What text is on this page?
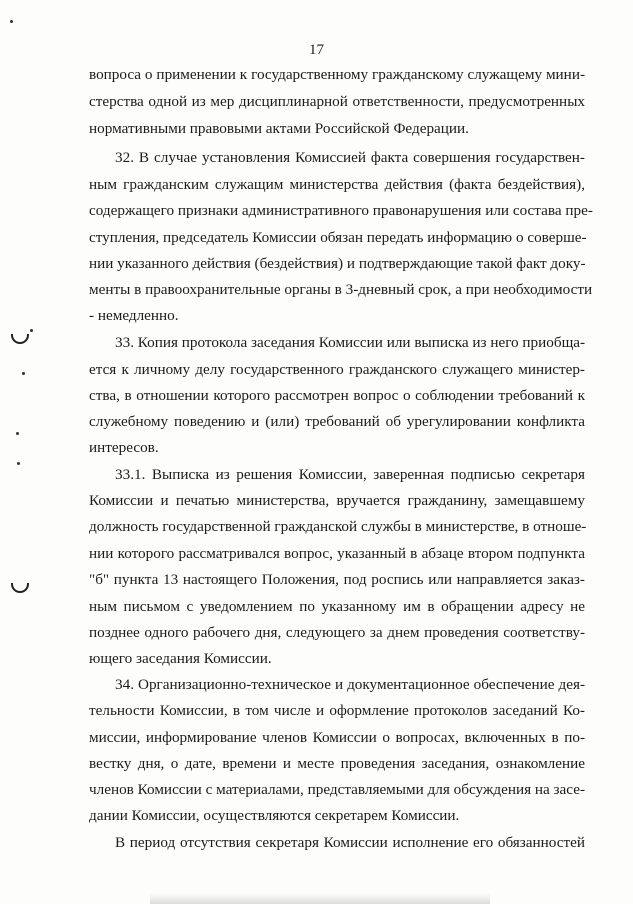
17
вопроса о применении к государственному гражданскому служащему мини-
стерства одной из мер дисциплинарной ответственности, предусмотренных
нормативными правовыми актами Российской Федерации.
32. В случае установления Комиссией факта совершения государствен-
ным гражданским служащим министерства действия (факта бездействия),
содержащего признаки административного правонарушения или состава пре-
ступления, председатель Комиссии обязан передать информацию о соверше-
нии указанного действия (бездействия) и подтверждающие такой факт доку-
менты в правоохранительные органы в 3-дневный срок, а при необходимости
- немедленно.
33. Копия протокола заседания Комиссии или выписка из него приобща-
ется к личному делу государственного гражданского служащего министер-
ства, в отношении которого рассмотрен вопрос о соблюдении требований к
служебному поведению и (или) требований об урегулировании конфликта
интересов.
33.1. Выписка из решения Комиссии, заверенная подписью секретаря
Комиссии и печатью министерства, вручается гражданину, замещавшему
должность государственной гражданской службы в министерстве, в отноше-
нии которого рассматривался вопрос, указанный в абзаце втором подпункта
"б" пункта 13 настоящего Положения, под роспись или направляется заказ-
ным письмом с уведомлением по указанному им в обращении адресу не
позднее одного рабочего дня, следующего за днем проведения соответству-
ющего заседания Комиссии.
34. Организационно-техническое и документационное обеспечение дея-
тельности Комиссии, в том числе и оформление протоколов заседаний Ко-
миссии, информирование членов Комиссии о вопросах, включенных в по-
вестку дня, о дате, времени и месте проведения заседания, ознакомление
членов Комиссии с материалами, представляемыми для обсуждения на засе-
дании Комиссии, осуществляются секретарем Комиссии.
В период отсутствия секретаря Комиссии исполнение его обязанностей
